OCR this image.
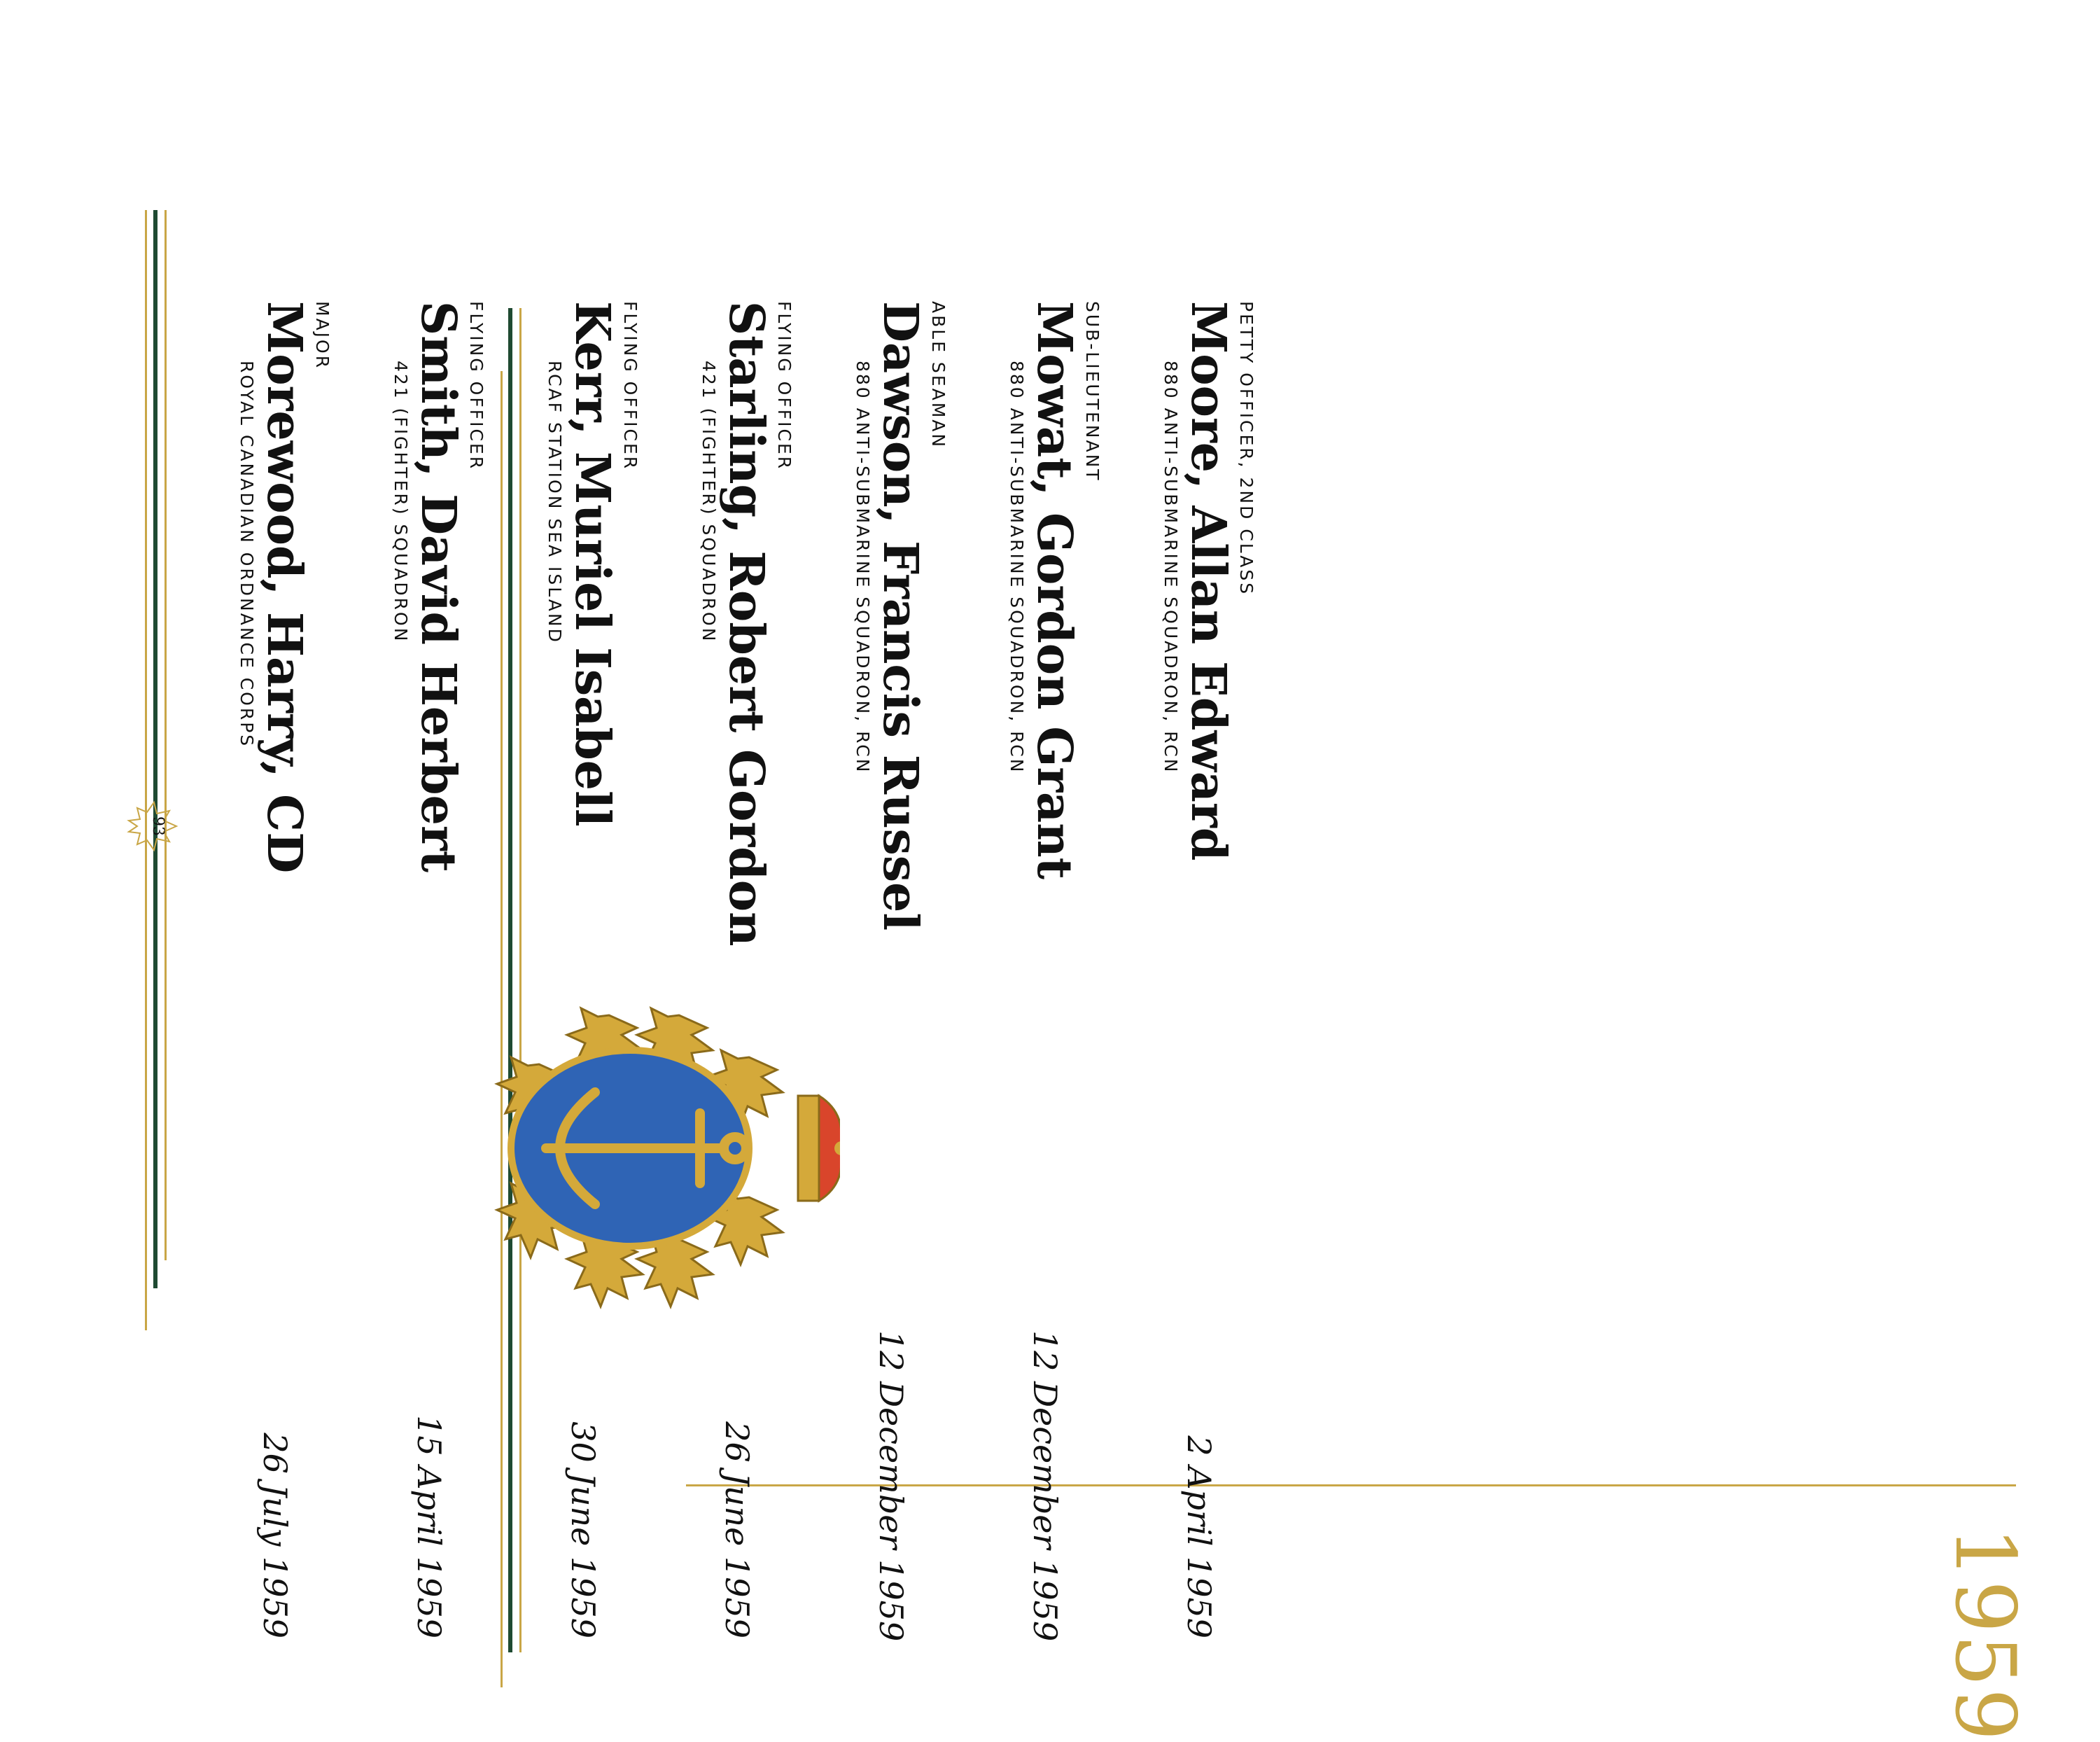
1959
MAJOR
Morewood, Harry, CD
ROYAL CANADIAN ORDNANCE CORPS
26 July 1959
FLYING OFFICER
Smith, David Herbert
421 (FIGHTER) SQUADRON
15 April 1959
FLYING OFFICER
Kerr, Muriel Isabell
RCAF STATION SEA ISLAND
30 June 1959
FLYING OFFICER
Starling, Robert Gordon
421 (FIGHTER) SQUADRON
26 June 1959
ABLE SEAMAN
Dawson, Francis Russel
880 ANTI-SUBMARINE SQUADRON, RCN
12 December 1959
SUB-LIEUTENANT
Mowat, Gordon Grant
880 ANTI-SUBMARINE SQUADRON, RCN
12 December 1959
PETTY OFFICER, 2ND CLASS
Moore, Allan Edward
880 ANTI-SUBMARINE SQUADRON, RCN
2 April 1959
93
